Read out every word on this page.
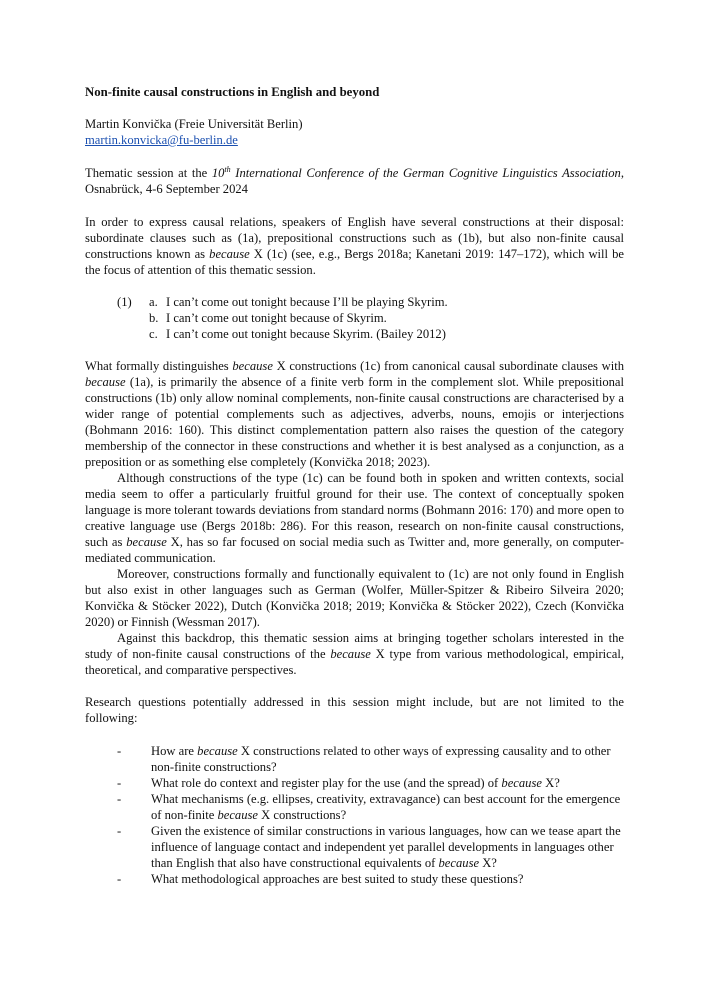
Non-finite causal constructions in English and beyond

Martin Konvička (Freie Universität Berlin)

martin.konvicka@fu-berlin.de

Thematic session at the 10th International Conference of the German Cognitive Linguistics Association, Osnabrück, 4-6 September 2024

In order to express causal relations, speakers of English have several constructions at their disposal: subordinate clauses such as (1a), prepositional constructions such as (1b), but also non-finite causal constructions known as because X (1c) (see, e.g., Bergs 2018a; Kanetani 2019: 147–172), which will be the focus of attention of this thematic session.

(1) a. I can’t come out tonight because I’ll be playing Skyrim.
b. I can’t come out tonight because of Skyrim.
c. I can’t come out tonight because Skyrim. (Bailey 2012)

What formally distinguishes because X constructions (1c) from canonical causal subordinate clauses with because (1a), is primarily the absence of a finite verb form in the complement slot. While prepositional constructions (1b) only allow nominal complements, non-finite causal constructions are characterised by a wider range of potential complements such as adjectives, adverbs, nouns, emojis or interjections (Bohmann 2016: 160). This distinct complementation pattern also raises the question of the category membership of the connector in these constructions and whether it is best analysed as a conjunction, as a preposition or as something else completely (Konvička 2018; 2023).

Although constructions of the type (1c) can be found both in spoken and written contexts, social media seem to offer a particularly fruitful ground for their use. The context of conceptually spoken language is more tolerant towards deviations from standard norms (Bohmann 2016: 170) and more open to creative language use (Bergs 2018b: 286). For this reason, research on non-finite causal constructions, such as because X, has so far focused on social media such as Twitter and, more generally, on computer-mediated communication.

Moreover, constructions formally and functionally equivalent to (1c) are not only found in English but also exist in other languages such as German (Wolfer, Müller-Spitzer & Ribeiro Silveira 2020; Konvička & Stöcker 2022), Dutch (Konvička 2018; 2019; Konvička & Stöcker 2022), Czech (Konvička 2020) or Finnish (Wessman 2017).

Against this backdrop, this thematic session aims at bringing together scholars interested in the study of non-finite causal constructions of the because X type from various methodological, empirical, theoretical, and comparative perspectives.

Research questions potentially addressed in this session might include, but are not limited to the following:

- How are because X constructions related to other ways of expressing causality and to other non-finite constructions?
- What role do context and register play for the use (and the spread) of because X?
- What mechanisms (e.g. ellipses, creativity, extravagance) can best account for the emergence of non-finite because X constructions?
- Given the existence of similar constructions in various languages, how can we tease apart the influence of language contact and independent yet parallel developments in languages other than English that also have constructional equivalents of because X?
- What methodological approaches are best suited to study these questions?
